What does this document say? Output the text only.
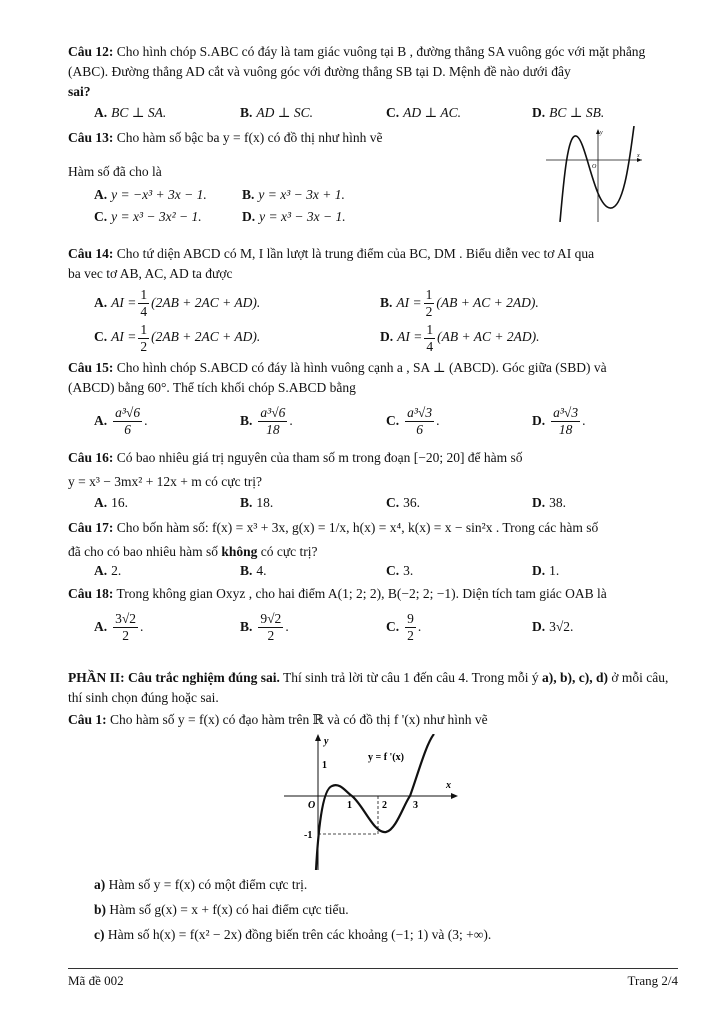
Câu 12: Cho hình chóp S.ABC có đáy là tam giác vuông tại B , đường thẳng SA vuông góc với mặt phẳng (ABC). Đường thẳng AD cắt và vuông góc với đường thẳng SB tại D. Mệnh đề nào dưới đây

sai?

A. BC ⊥ SA.	B. AD ⊥ SC.	C. AD ⊥ AC.	D. BC ⊥ SB.

Câu 13: Cho hàm số bậc ba y = f(x) có đồ thị như hình vẽ

Hàm số đã cho là

A. y = −x³ + 3x − 1.	B. y = x³ − 3x + 1.
C. y = x³ − 3x² − 1.	D. y = x³ − 3x − 1.
y
x
O

Câu 14: Cho tứ diện ABCD có M, I lần lượt là trung điểm của BC, DM . Biểu diễn vec tơ AI qua

ba vec tơ AB, AC, AD ta được

A. AI = $\frac{1}{4} (2AB + 2AC + AD)$.	B. AI = $\frac{1}{2} (AB$ + AC + 2AD).
C. AI = $\frac{1}{2} (2AB + 2AC + AD)$.	D. AI = $\frac{1}{4} (AB$ + AC + 2AD).

Câu 15: Cho hình chóp S.ABCD có đáy là hình vuông cạnh a , SA ⊥ (ABCD). Góc giữa (SBD) và

(ABCD) bằng 60°. Thể tích khối chóp S.ABCD bằng

A. $\frac{\text{a³√6}}{6}$ .	B. $\frac{\text{a³√6}}{18}$ .	C. $\frac{\text{a³√3}}{6}$ .	D. $\frac{\text{a³√3}}{18}$ .

Câu 16: Có bao nhiêu giá trị nguyên của tham số m trong đoạn [−20; 20] để hàm số

y = x³ − 3mx² + 12x + m có cực trị?

A. 16.	B. 18.	C. 36.	D. 38.

Câu 17: Cho bốn hàm số: f(x) = x³ + 3x, g(x) = 1/x, h(x) = x⁴, k(x) = x − sin²x . Trong các hàm số

đã cho có bao nhiêu hàm số không có cực trị?

A. 2.	B. 4.	C. 3.	D. 1.

Câu 18: Trong không gian Oxyz , cho hai điểm A(1; 2; 2), B(−2; 2; −1). Diện tích tam giác OAB là

A. $\frac{3√2}{2}$ .	B. $\frac{9√2}{2}$ .	C. $\frac{9}{2}$ .	D. 3√2.

PHẦN II: Câu trắc nghiệm đúng sai. Thí sinh trả lời từ câu 1 đến câu 4. Trong mỗi ý a), b), c), d) ở mỗi câu, thí sinh chọn đúng hoặc sai.

Câu 1: Cho hàm số y = f(x) có đạo hàm trên ℝ và có đồ thị f '(x) như hình vẽ

y
x
y = f '(x)
O
1
-1
1	2	3

a) Hàm số y = f(x) có một điểm cực trị.

b) Hàm số g(x) = x + f(x) có hai điểm cực tiểu.

c) Hàm số h(x) = f(x² − 2x) đồng biến trên các khoảng (−1; 1) và (3; +∞).

Mã đề 002	Trang 2/4
